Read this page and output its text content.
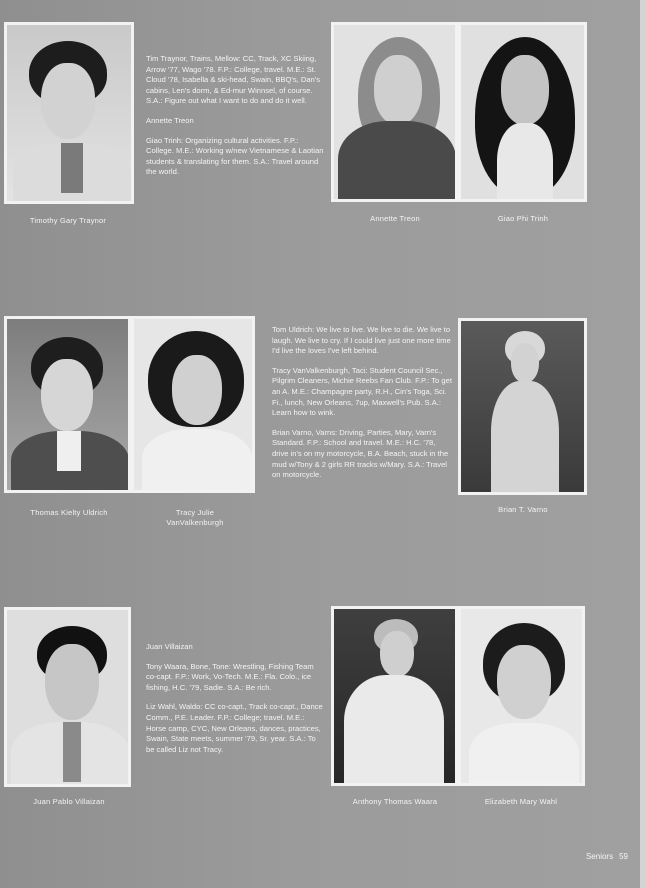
Timothy Gary Traynor

Tim Traynor, Trains, Mellow: CC, Track, XC Skiing, Arrow '77, Wago '78. F.P.: College, travel. M.E.: St. Cloud '78, Isabella & ski-head, Swain, BBQ's, Dan's cabins, Len's dorm, & Ed-mur Winnsel, of course. S.A.: Figure out what I want to do and do it well.

Annette Treon

Giao Trinh: Organizing cultural activities. F.P.: College. M.E.: Working w/new Vietnamese & Laotian students & translating for them. S.A.: Travel around the world.

Annette Treon	Giao Phi Trinh
Thomas Kielty Uldrich	Tracy Julie
VanValkenburgh

Tom Uldrich: We live to live. We live to die. We live to laugh. We live to cry. If I could live just one more time I'd live the loves I've left behind.

Tracy VanValkenburgh, Taci: Student Council Sec., Pilgrim Cleaners, Michie Reebs Fan Club. F.P.: To get an A. M.E.: Champagne party, R.H., Cin's Toga, Sci. Fi., lunch, New Orleans, 7up, Maxwell's Pub. S.A.: Learn how to wink.

Brian Varno, Varns: Driving, Parties, Mary, Varn's Standard. F.P.: School and travel. M.E.: H.C. '78, drive in's on my motorcycle, B.A. Beach, stuck in the mud w/Tony & 2 girls RR tracks w/Mary. S.A.: Travel on motorcycle.

Brian T. Varno
Juan Pablo Villaizan

Juan Villaizan

Tony Waara, Bone, Tone: Wrestling, Fishing Team co-capt. F.P.: Work, Vo-Tech. M.E.: Fla. Colo., ice fishing, H.C. '79, Sadie. S.A.: Be rich.

Liz Wahl, Waldo: CC co-capt., Track co-capt., Dance Comm., P.E. Leader. F.P.: College; travel. M.E.: Horse camp, CYC, New Orleans, dances, practices, Swain, State meets, summer '79, Sr. year. S.A.: To be called Liz not Tracy.

Anthony Thomas Waara	Elizabeth Mary Wahl
Seniors 59
